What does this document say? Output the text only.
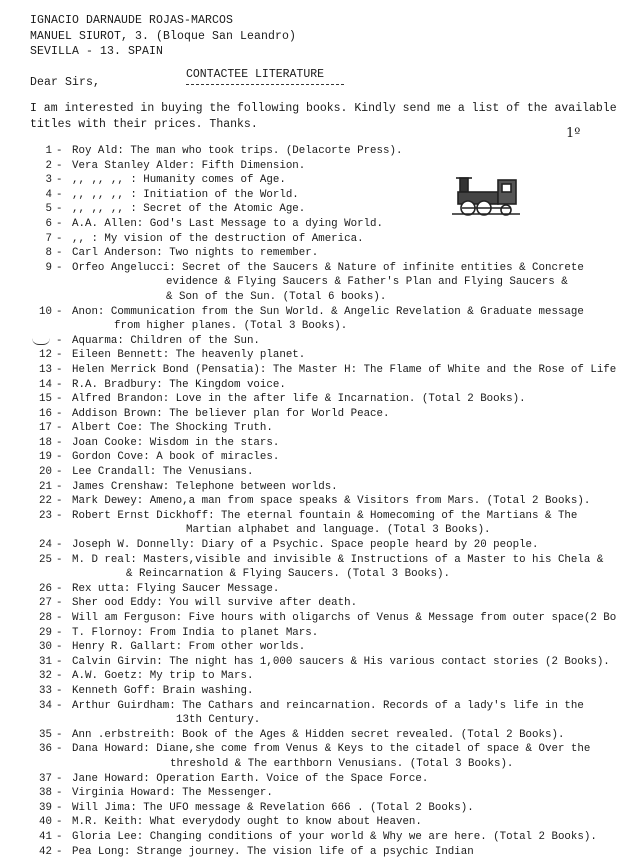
IGNACIO DARNAUDE ROJAS-MARCOS
MANUEL SIUROT, 3. (Bloque San Leandro)
SEVILLA - 13. SPAIN
Dear Sirs,
CONTACTEE LITERATURE
I am interested in buying the following books. Kindly send me a list of the available
titles with their prices. Thanks.
1º
1 - Roy Ald: The man who took trips. (Delacorte Press).
2 - Vera Stanley Alder: Fifth Dimension.
3 - ,, ,, ,, : Humanity comes of Age.
4 - ,, ,, ,, : Initiation of the World.
5 - ,, ,, ,, : Secret of the Atomic Age.
6 - A.A. Allen: God's Last Message to a dying World.
7 - ,, : My vision of the destruction of America.
8 - Carl Anderson: Two nights to remember.
9 - Orfeo Angelucci: Secret of the Saucers & Nature of infinite entities & Concrete
evidence & Flying Saucers & Father's Plan and Flying Saucers &
& Son of the Sun. (Total 6 books).
10 - Anon: Communication from the Sun World. & Angelic Revelation & Graduate message
from higher planes. (Total 3 Books).
- Aquarma: Children of the Sun.
12 - Eileen Bennett: The heavenly planet.
13 - Helen Merrick Bond (Pensatia): The Master H: The Flame of White and the Rose of Life
14 - R.A. Bradbury: The Kingdom voice.
15 - Alfred Brandon: Love in the after life & Incarnation. (Total 2 Books).
16 - Addison Brown: The believer plan for World Peace.
17 - Albert Coe: The Shocking Truth.
18 - Joan Cooke: Wisdom in the stars.
19 - Gordon Cove: A book of miracles.
20 - Lee Crandall: The Venusians.
21 - James Crenshaw: Telephone between worlds.
22 - Mark Dewey: Ameno,a man from space speaks & Visitors from Mars. (Total 2 Books).
23 - Robert Ernst Dickhoff: The eternal fountain & Homecoming of the Martians & The
Martian alphabet and language. (Total 3 Books).
24 - Joseph W. Donnelly: Diary of a Psychic. Space people heard by 20 people.
25 - M. D real: Masters,visible and invisible & Instructions of a Master to his Chela &
& Reincarnation & Flying Saucers. (Total 3 Books).
26 - Rex utta: Flying Saucer Message.
27 - Sher ood Eddy: You will survive after death.
28 - Will am Ferguson: Five hours with oligarchs of Venus & Message from outer space(2 Bo
29 - T. Flornoy: From India to planet Mars.
30 - Henry R. Gallart: From other worlds.
31 - Calvin Girvin: The night has 1,000 saucers & His various contact stories (2 Books).
32 - A.W. Goetz: My trip to Mars.
33 - Kenneth Goff: Brain washing.
34 - Arthur Guirdham: The Cathars and reincarnation. Records of a lady's life in the
13th Century.
35 - Ann .erbstreith: Book of the Ages & Hidden secret revealed. (Total 2 Books).
36 - Dana Howard: Diane,she come from Venus & Keys to the citadel of space & Over the
threshold & The earthborn Venusians. (Total 3 Books).
37 - Jane Howard: Operation Earth. Voice of the Space Force.
38 - Virginia Howard: The Messenger.
39 - Will Jima: The UFO message & Revelation 666 . (Total 2 Books).
40 - M.R. Keith: What everydody ought to know about Heaven.
41 - Gloria Lee: Changing conditions of your world & Why we are here. (Total 2 Books).
42 - Pea Long: Strange journey. The vision life of a psychic Indian
